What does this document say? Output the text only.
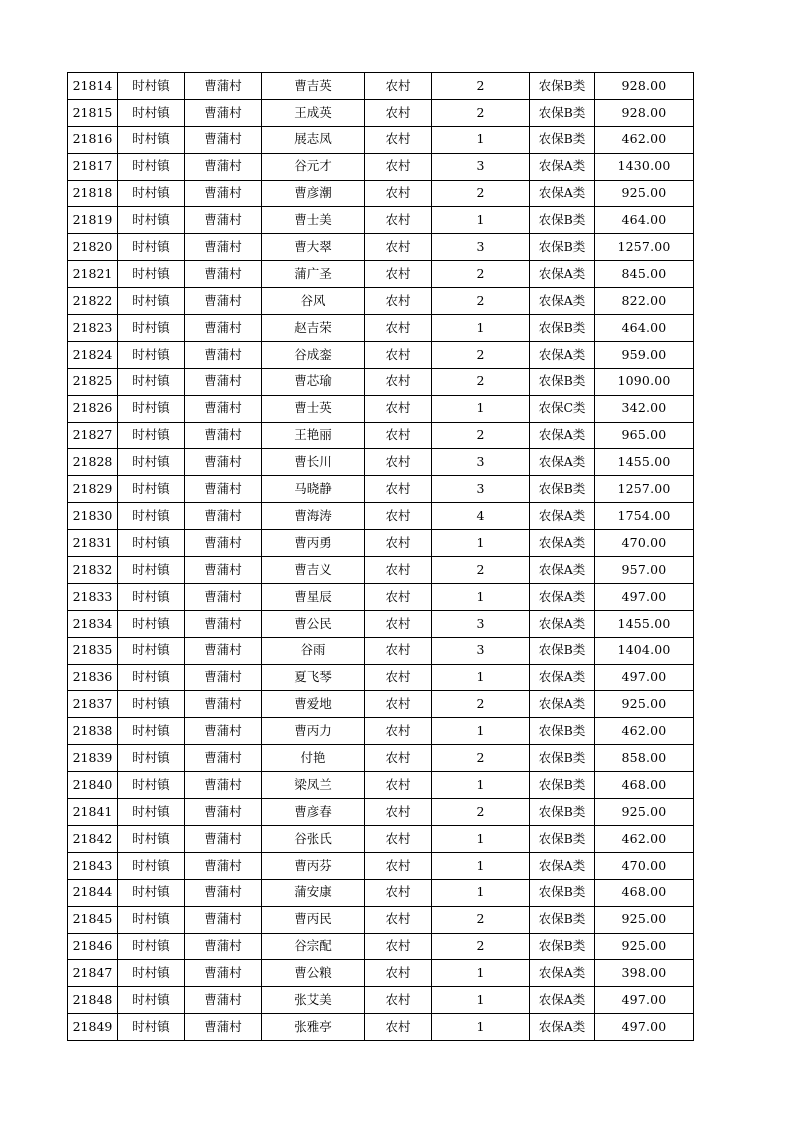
21814	时村镇	曹蒲村	曹吉英	农村	2	农保B类	928.00
21815	时村镇	曹蒲村	王成英	农村	2	农保B类	928.00
21816	时村镇	曹蒲村	展志凤	农村	1	农保B类	462.00
21817	时村镇	曹蒲村	谷元才	农村	3	农保A类	1430.00
21818	时村镇	曹蒲村	曹彦潮	农村	2	农保A类	925.00
21819	时村镇	曹蒲村	曹士美	农村	1	农保B类	464.00
21820	时村镇	曹蒲村	曹大翠	农村	3	农保B类	1257.00
21821	时村镇	曹蒲村	蒲广圣	农村	2	农保A类	845.00
21822	时村镇	曹蒲村	谷风	农村	2	农保A类	822.00
21823	时村镇	曹蒲村	赵吉荣	农村	1	农保B类	464.00
21824	时村镇	曹蒲村	谷成銮	农村	2	农保A类	959.00
21825	时村镇	曹蒲村	曹芯瑜	农村	2	农保B类	1090.00
21826	时村镇	曹蒲村	曹士英	农村	1	农保C类	342.00
21827	时村镇	曹蒲村	王艳丽	农村	2	农保A类	965.00
21828	时村镇	曹蒲村	曹长川	农村	3	农保A类	1455.00
21829	时村镇	曹蒲村	马晓静	农村	3	农保B类	1257.00
21830	时村镇	曹蒲村	曹海涛	农村	4	农保A类	1754.00
21831	时村镇	曹蒲村	曹丙勇	农村	1	农保A类	470.00
21832	时村镇	曹蒲村	曹吉义	农村	2	农保A类	957.00
21833	时村镇	曹蒲村	曹星辰	农村	1	农保A类	497.00
21834	时村镇	曹蒲村	曹公民	农村	3	农保A类	1455.00
21835	时村镇	曹蒲村	谷雨	农村	3	农保B类	1404.00
21836	时村镇	曹蒲村	夏飞琴	农村	1	农保A类	497.00
21837	时村镇	曹蒲村	曹爱地	农村	2	农保A类	925.00
21838	时村镇	曹蒲村	曹丙力	农村	1	农保B类	462.00
21839	时村镇	曹蒲村	付艳	农村	2	农保B类	858.00
21840	时村镇	曹蒲村	梁凤兰	农村	1	农保B类	468.00
21841	时村镇	曹蒲村	曹彦春	农村	2	农保B类	925.00
21842	时村镇	曹蒲村	谷张氏	农村	1	农保B类	462.00
21843	时村镇	曹蒲村	曹丙芬	农村	1	农保A类	470.00
21844	时村镇	曹蒲村	蒲安康	农村	1	农保B类	468.00
21845	时村镇	曹蒲村	曹丙民	农村	2	农保B类	925.00
21846	时村镇	曹蒲村	谷宗配	农村	2	农保B类	925.00
21847	时村镇	曹蒲村	曹公粮	农村	1	农保A类	398.00
21848	时村镇	曹蒲村	张艾美	农村	1	农保A类	497.00
21849	时村镇	曹蒲村	张雅亭	农村	1	农保A类	497.00
